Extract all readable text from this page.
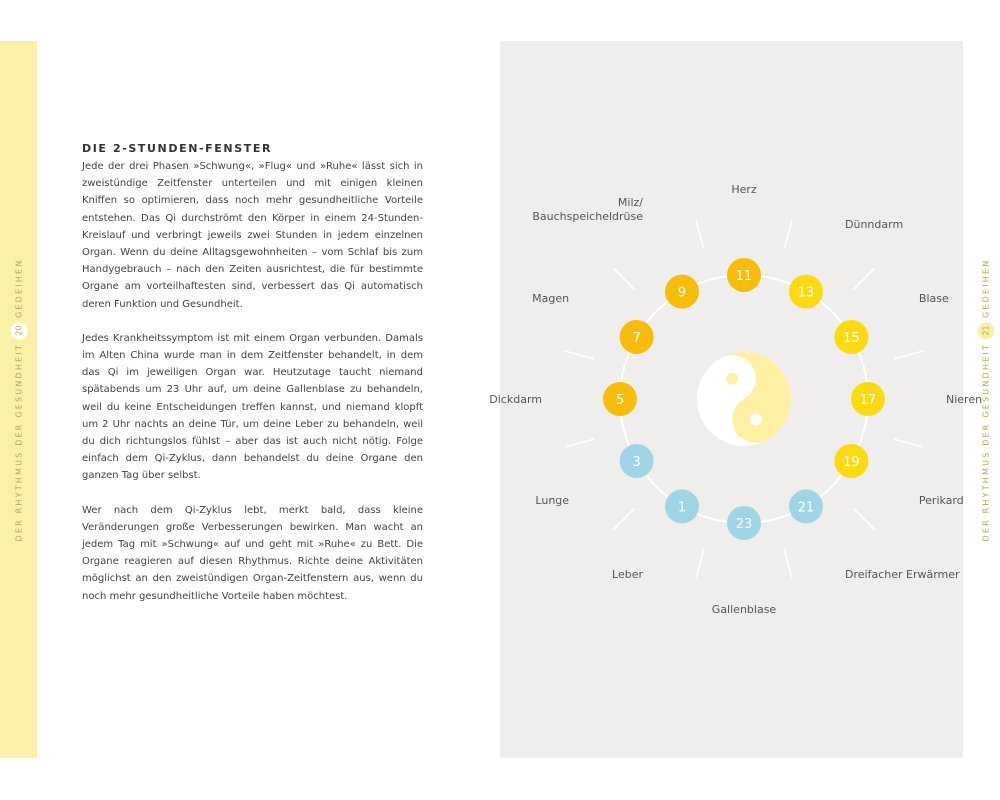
DER RHYTHMUS DER GESUNDHEIT20GEDEIHEN
DIE 2-STUNDEN-FENSTER

Jede der drei Phasen »Schwung«, »Flug« und »Ruhe« lässt sich in zweistündige Zeitfenster unterteilen und mit einigen kleinen Kniffen so optimieren, dass noch mehr gesundheitliche Vorteile entstehen. Das Qi durchströmt den Körper in einem 24-Stunden-Kreislauf und verbringt jeweils zwei Stunden in jedem einzelnen Organ. Wenn du deine Alltagsgewohnheiten – vom Schlaf bis zum Handygebrauch – nach den Zeiten ausrichtest, die für bestimmte Organe am vorteilhaftesten sind, verbessert das Qi automatisch deren Funktion und Gesundheit.

Jedes Krankheitssymptom ist mit einem Organ verbunden. Damals im Alten China wurde man in dem Zeitfenster behandelt, in dem das Qi im jeweiligen Organ war. Heutzutage taucht niemand spätabends um 23 Uhr auf, um deine Gallenblase zu behandeln, weil du keine Entscheidungen treffen kannst, und niemand klopft um 2 Uhr nachts an deine Tür, um deine Leber zu behandeln, weil du dich richtungslos fühlst – aber das ist auch nicht nötig. Folge einfach dem Qi-Zyklus, dann behandelst du deine Organe den ganzen Tag über selbst.

Wer nach dem Qi-Zyklus lebt, merkt bald, dass kleine Veränderungen große Verbesserungen bewirken. Man wacht an jedem Tag mit »Schwung« auf und geht mit »Ruhe« zu Bett. Die Organe reagieren auf diesen Rhythmus. Richte deine Aktivitäten möglichst an den zweistündigen Organ-Zeitfenstern aus, wenn du noch mehr gesundheitliche Vorteile haben möchtest.

1
3
5
7
9
11
13
15
17
19
21
23
Leber
Lunge
Dickdarm
Magen
Milz/ Bauchspeicheldrüse
Herz
Dünndarm
Blase
Nieren
Perikard
Dreifacher Erwärmer
Gallenblase
DER RHYTHMUS DER GESUNDHEIT21GEDEIHEN
